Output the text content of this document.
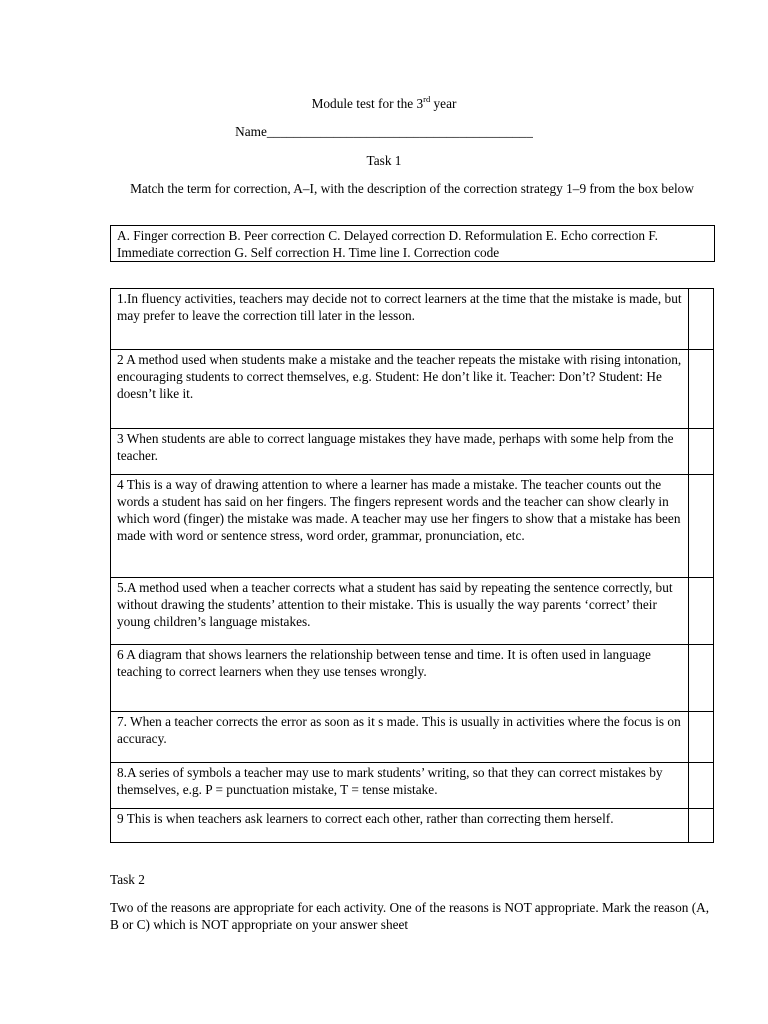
Module test for the 3rd year
Name________________________________________
Task 1
Match the term for correction, A–I, with the description of the correction strategy 1–9 from the box below
A. Finger correction B. Peer correction C. Delayed correction D. Reformulation E. Echo correction F. Immediate correction G. Self correction H. Time line I. Correction code
1.In fluency activities, teachers may decide not to correct learners at the time that the mistake is made, but may prefer to leave the correction till later in the lesson.	
2 A method used when students make a mistake and the teacher repeats the mistake with rising intonation, encouraging students to correct themselves, e.g. Student: He don’t like it. Teacher: Don’t? Student: He doesn’t like it.	
3 When students are able to correct language mistakes they have made, perhaps with some help from the teacher.	
4 This is a way of drawing attention to where a learner has made a mistake. The teacher counts out the words a student has said on her fingers. The fingers represent words and the teacher can show clearly in which word (finger) the mistake was made. A teacher may use her fingers to show that a mistake has been made with word or sentence stress, word order, grammar, pronunciation, etc.	
5.A method used when a teacher corrects what a student has said by repeating the sentence correctly, but without drawing the students’ attention to their mistake. This is usually the way parents ‘correct’ their young children’s language mistakes.	
6 A diagram that shows learners the relationship between tense and time. It is often used in language teaching to correct learners when they use tenses wrongly.	
7. When a teacher corrects the error as soon as it s made. This is usually in activities where the focus is on accuracy.	
8.A series of symbols a teacher may use to mark students’ writing, so that they can correct mistakes by themselves, e.g. P = punctuation mistake, T = tense mistake.	
9 This is when teachers ask learners to correct each other, rather than correcting them herself.	
Task 2
Two of the reasons are appropriate for each activity. One of the reasons is NOT appropriate. Mark the reason (A, B or C) which is NOT appropriate on your answer sheet
